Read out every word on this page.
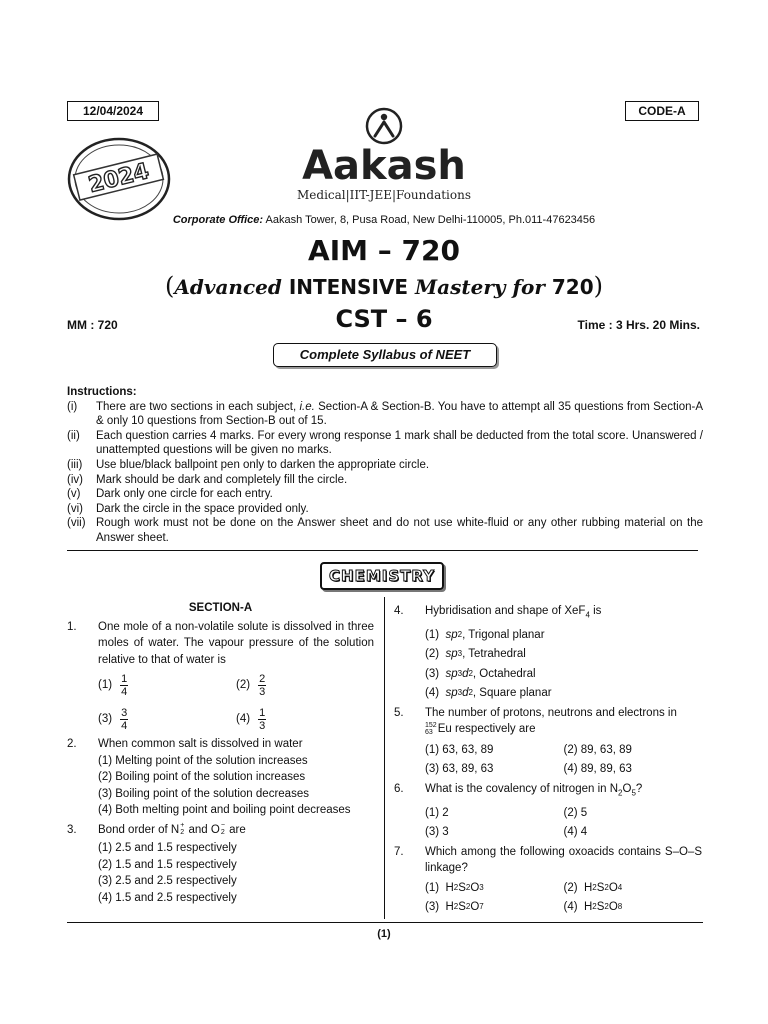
12/04/2024	CODE-A
2024	Aakash
Medical|IIT-JEE|Foundations
Corporate Office: Aakash Tower, 8, Pusa Road, New Delhi-110005, Ph.011-47623456
AIM – 720
(Advanced INTENSIVE Mastery for 720)
MM : 720	CST – 6	Time : 3 Hrs. 20 Mins.
Complete Syllabus of NEET
Instructions:
(i)	There are two sections in each subject, i.e. Section-A & Section-B. You have to attempt all 35 questions from Section-A & only 10 questions from Section-B out of 15.
(ii)	Each question carries 4 marks. For every wrong response 1 mark shall be deducted from the total score. Unanswered / unattempted questions will be given no marks.
(iii)	Use blue/black ballpoint pen only to darken the appropriate circle.
(iv)	Mark should be dark and completely fill the circle.
(v)	Dark only one circle for each entry.
(vi)	Dark the circle in the space provided only.
(vii) Rough work must not be done on the Answer sheet and do not use white-fluid or any other rubbing material on the Answer sheet.
CHEMISTRY
SECTION-A
1.	One mole of a non-volatile solute is dissolved in three moles of water. The vapour pressure of the solution relative to that of water is
$(1) \frac{1}{4}$	$(2) \frac{2}{3}$
$(3) \frac{3}{4}$	$(4) \frac{1}{3}$
2.	When common salt is dissolved in water
(1) Melting point of the solution increases
(2) Boiling point of the solution increases
(3) Boiling point of the solution decreases
(4) Both melting point and boiling point decreases
3.	Bond order of N +
2 and O −
2 are
(1) 2.5 and 1.5 respectively
(2) 1.5 and 1.5 respectively
(3) 2.5 and 2.5 respectively
(4) 1.5 and 2.5 respectively
4.	Hybridisation and shape of XeF$_4$ is
(1)
sp 2 , Trigonal planar
(2)
sp 3 , Tetrahedral
(3)
sp 3 d 2 , Octahedral
(4)
sp 3 d 2 , Square planar
5.	The number of protons, neutrons and electrons in

152
63 Eu respectively are
(1) 63, 63, 89	(2) 89, 63, 89
(3) 63, 89, 63	(4) 89, 89, 63
6.	What is the covalency of nitrogen in $N_2O_5$?
(1) 2	(2) 5
(3) 3	(4) 4
7.	Which among the following oxoacids contains S–O–S linkage?
(1) H 2 S 2 O 3	(2) H 2 S 2 O 4
(3) H 2 S 2 O 7	(4) H 2 S 2 O 8
(1)
